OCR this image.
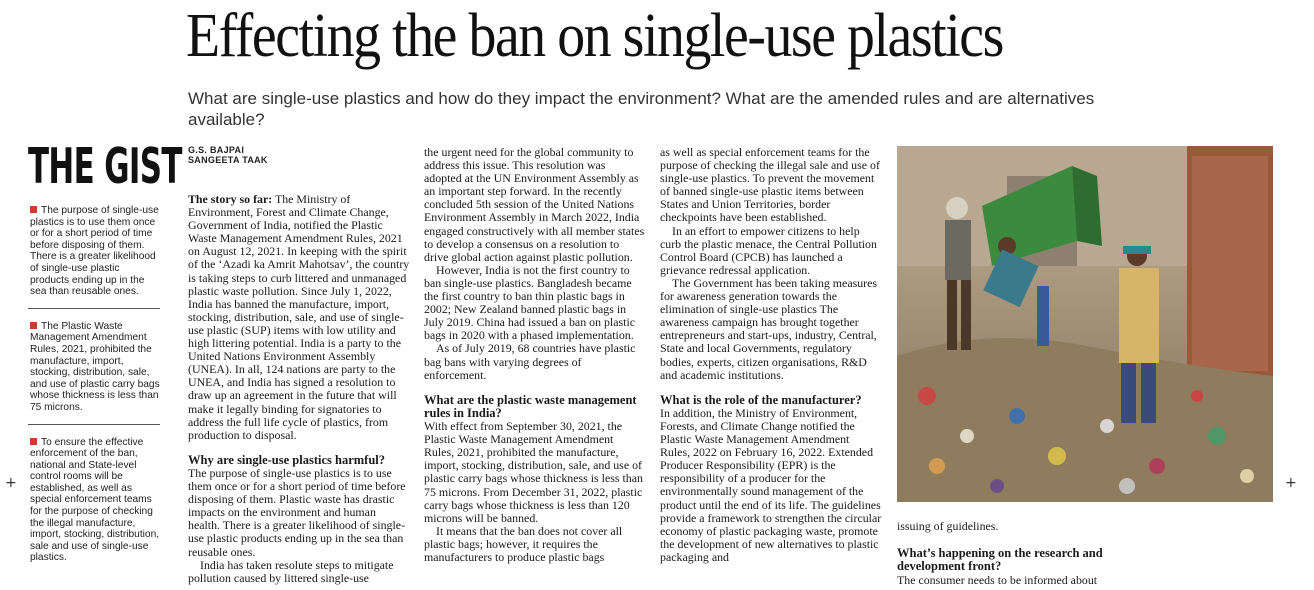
Effecting the ban on single-use plastics

What are single-use plastics and how do they impact the environment? What are the amended rules and are alternatives available?

THE GIST
The purpose of single-use plastics is to use them once or for a short period of time before disposing of them. There is a greater likelihood of single-use plastic products ending up in the sea than reusable ones.
The Plastic Waste Management Amendment Rules, 2021, prohibited the manufacture, import, stocking, distribution, sale, and use of plastic carry bags whose thickness is less than 75 microns.
To ensure the effective enforcement of the ban, national and State-level control rooms will be established, as well as special enforcement teams for the purpose of checking the illegal manufacture, import, stocking, distribution, sale and use of single-use plastics.
G.S. BAJPAI
SANGEETA TAAK

The story so far: The Ministry of Environment, Forest and Climate Change, Government of India, notified the Plastic Waste Management Amendment Rules, 2021 on August 12, 2021. In keeping with the spirit of the ‘Azadi ka Amrit Mahotsav’, the country is taking steps to curb littered and unmanaged plastic waste pollution. Since July 1, 2022, India has banned the manufacture, import, stocking, distribution, sale, and use of single-use plastic (SUP) items with low utility and high littering potential. India is a party to the United Nations Environment Assembly (UNEA). In all, 124 nations are party to the UNEA, and India has signed a resolution to draw up an agreement in the future that will make it legally binding for signatories to address the full life cycle of plastics, from production to disposal.

Why are single-use plastics harmful?

The purpose of single-use plastics is to use them once or for a short period of time before disposing of them. Plastic waste has drastic impacts on the environment and human health. There is a greater likelihood of single-use plastic products ending up in the sea than reusable ones.

India has taken resolute steps to mitigate pollution caused by littered single-use

the urgent need for the global community to address this issue. This resolution was adopted at the UN Environment Assembly as an important step forward. In the recently concluded 5th session of the United Nations Environment Assembly in March 2022, India engaged constructively with all member states to develop a consensus on a resolution to drive global action against plastic pollution.

However, India is not the first country to ban single-use plastics. Bangladesh became the first country to ban thin plastic bags in 2002; New Zealand banned plastic bags in July 2019. China had issued a ban on plastic bags in 2020 with a phased implementation.

As of July 2019, 68 countries have plastic bag bans with varying degrees of enforcement.

What are the plastic waste management rules in India?

With effect from September 30, 2021, the Plastic Waste Management Amendment Rules, 2021, prohibited the manufacture, import, stocking, distribution, sale, and use of plastic carry bags whose thickness is less than 75 microns. From December 31, 2022, plastic carry bags whose thickness is less than 120 microns will be banned.

It means that the ban does not cover all plastic bags; however, it requires the manufacturers to produce plastic bags

as well as special enforcement teams for the purpose of checking the illegal sale and use of single-use plastics. To prevent the movement of banned single-use plastic items between States and Union Territories, border checkpoints have been established.

In an effort to empower citizens to help curb the plastic menace, the Central Pollution Control Board (CPCB) has launched a grievance redressal application.

The Government has been taking measures for awareness generation towards the elimination of single-use plastics The awareness campaign has brought together entrepreneurs and start-ups, industry, Central, State and local Governments, regulatory bodies, experts, citizen organisations, R&D and academic institutions.

What is the role of the manufacturer?

In addition, the Ministry of Environment, Forests, and Climate Change notified the Plastic Waste Management Amendment Rules, 2022 on February 16, 2022. Extended Producer Responsibility (EPR) is the responsibility of a producer for the environmentally sound management of the product until the end of its life. The guidelines provide a framework to strengthen the circular economy of plastic packaging waste, promote the development of new alternatives to plastic packaging and

issuing of guidelines.

What’s happening on the research and development front?

The consumer needs to be informed about

+	+
